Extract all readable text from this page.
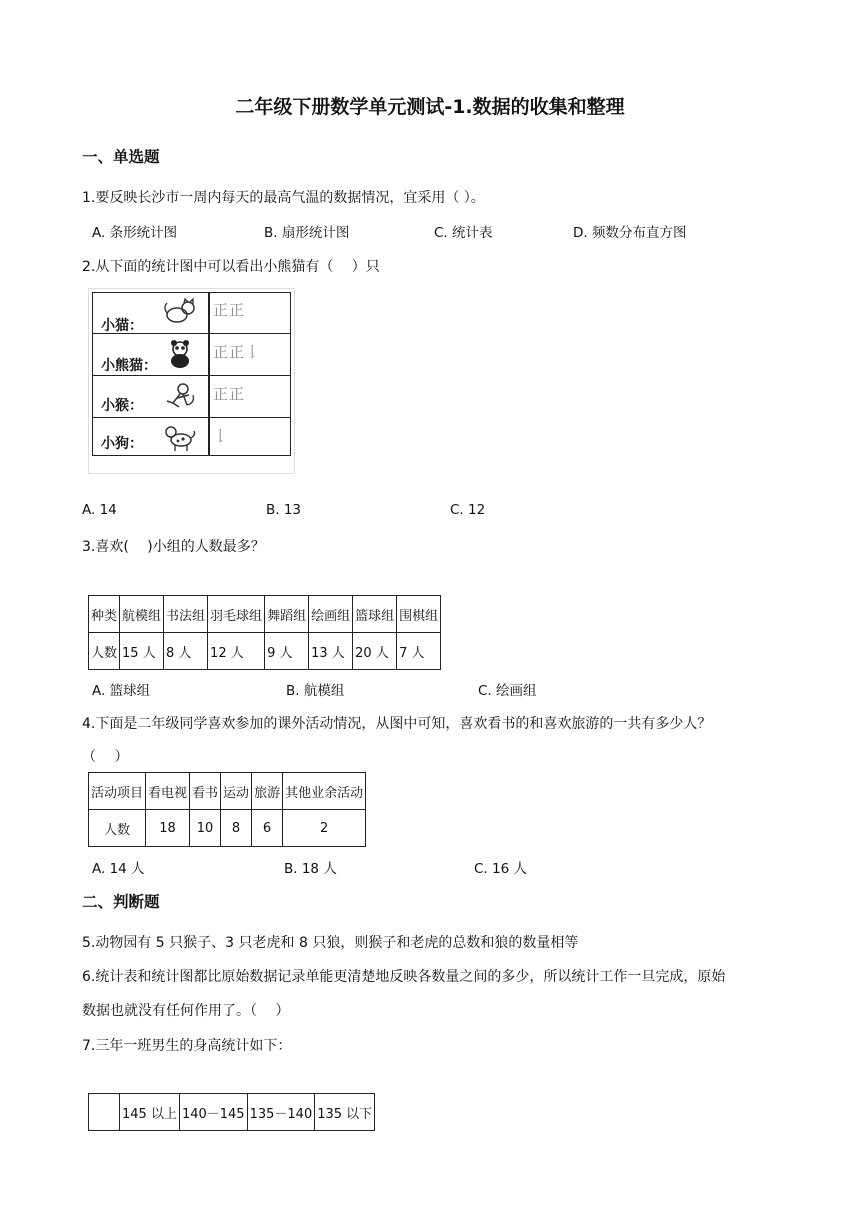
二年级下册数学单元测试-1.数据的收集和整理
一、单选题
1.要反映长沙市一周内每天的最高气温的数据情况，宜采用（ ）。
A. 条形统计图	B. 扇形统计图	C. 统计表	D. 频数分布直方图
2.从下面的统计图中可以看出小熊猫有（　 ）只
小猫：
正正
小熊猫：
正正𠄌
小猴：
正正
小狗：	𠄌
A. 14	B. 13	C. 12
3.喜欢(　 )小组的人数最多？
种类	航模组	书法组	羽毛球组	舞蹈组	绘画组	篮球组	围棋组
人数	15 人	8 人	12 人	9 人	13 人	20 人	7 人
A. 篮球组	B. 航模组	C. 绘画组
4.下面是二年级同学喜欢参加的课外活动情况，从图中可知，喜欢看书的和喜欢旅游的一共有多少人？
（　 ）
活动项目	看电视	看书	运动	旅游	其他业余活动
人数	18	10	8	6	2
A. 14 人	B. 18 人	C. 16 人
二、判断题
5.动物园有 5 只猴子、3 只老虎和 8 只狼，则猴子和老虎的总数和狼的数量相等
6.统计表和统计图都比原始数据记录单能更清楚地反映各数量之间的多少，所以统计工作一旦完成，原始
数据也就没有任何作用了。（　 ）
7.三年一班男生的身高统计如下：
	145 以上	140－145	135－140	135 以下
